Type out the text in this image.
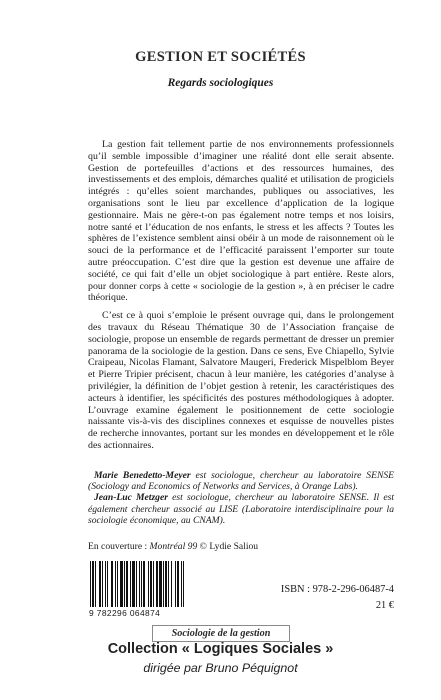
GESTION ET SOCIÉTÉS
Regards sociologiques

La gestion fait tellement partie de nos environnements professionnels qu’il semble impossible d’imaginer une réalité dont elle serait absente. Gestion de portefeuilles d’actions et des ressources humaines, des investissements et des emplois, démarches qualité et utilisation de progiciels intégrés : qu’elles soient marchandes, publiques ou associatives, les organisations sont le lieu par excellence d’application de la logique gestionnaire. Mais ne gère-t-on pas également notre temps et nos loisirs, notre santé et l’éducation de nos enfants, le stress et les affects ? Toutes les sphères de l’existence semblent ainsi obéir à un mode de raisonnement où le souci de la performance et de l’efficacité paraissent l’emporter sur toute autre préoccupation. C’est dire que la gestion est devenue une affaire de société, ce qui fait d’elle un objet sociologique à part entière. Reste alors, pour donner corps à cette « sociologie de la gestion », à en préciser le cadre théorique.

C’est ce à quoi s’emploie le présent ouvrage qui, dans le prolongement des travaux du Réseau Thématique 30 de l’Association française de sociologie, propose un ensemble de regards permettant de dresser un premier panorama de la sociologie de la gestion. Dans ce sens, Eve Chiapello, Sylvie Craipeau, Nicolas Flamant, Salvatore Maugeri, Frederick Mispelblom Beyer et Pierre Tripier précisent, chacun à leur manière, les catégories d’analyse à privilégier, la définition de l’objet gestion à retenir, les caractéristiques des acteurs à identifier, les spécificités des postures méthodologiques à adopter. L’ouvrage examine également le positionnement de cette sociologie naissante vis-à-vis des disciplines connexes et esquisse de nouvelles pistes de recherche innovantes, portant sur les mondes en développement et le rôle des actionnaires.

Marie Benedetto-Meyer est sociologue, chercheur au laboratoire SENSE (Sociology and Economics of Networks and Services, à Orange Labs).

Jean-Luc Metzger est sociologue, chercheur au laboratoire SENSE. Il est également chercheur associé au LISE (Laboratoire interdisciplinaire pour la sociologie économique, au CNAM).

En couverture : Montréal 99 © Lydie Saliou
9 782296 064874
ISBN : 978-2-296-06487-4
21 €
Sociologie de la gestion
Collection « Logiques Sociales »
dirigée par Bruno Péquignot
